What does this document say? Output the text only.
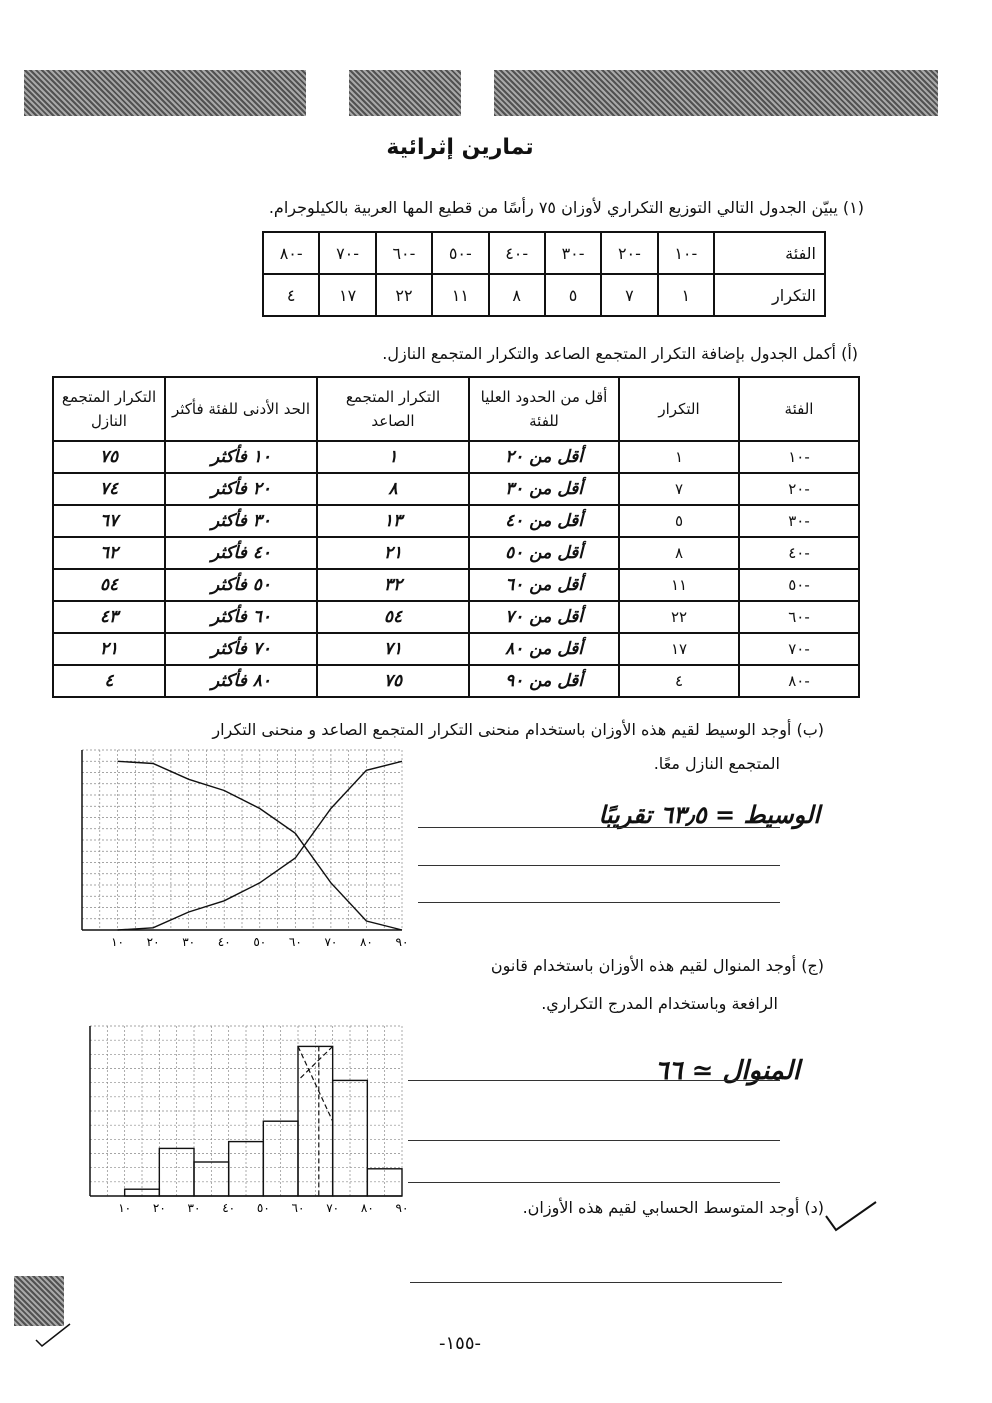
تمارين إثرائية
(١) يبيّن الجدول التالي التوزيع التكراري لأوزان ٧٥ رأسًا من قطيع المها العربية بالكيلوجرام.
الفئة	-١٠	-٢٠	-٣٠	-٤٠	-٥٠	-٦٠	-٧٠	-٨٠
التكرار	١	٧	٥	٨	١١	٢٢	١٧	٤
(أ) أكمل الجدول بإضافة التكرار المتجمع الصاعد والتكرار المتجمع النازل.
الفئة	التكرار	أقل من الحدود العليا للفئة	التكرار المتجمع الصاعد	الحد الأدنى للفئة فأكثر	التكرار المتجمع النازل
-١٠	١	أقل من ٢٠	١	١٠ فأكثر	٧٥
-٢٠	٧	أقل من ٣٠	٨	٢٠ فأكثر	٧٤
-٣٠	٥	أقل من ٤٠	١٣	٣٠ فأكثر	٦٧
-٤٠	٨	أقل من ٥٠	٢١	٤٠ فأكثر	٦٢
-٥٠	١١	أقل من ٦٠	٣٢	٥٠ فأكثر	٥٤
-٦٠	٢٢	أقل من ٧٠	٥٤	٦٠ فأكثر	٤٣
-٧٠	١٧	أقل من ٨٠	٧١	٧٠ فأكثر	٢١
-٨٠	٤	أقل من ٩٠	٧٥	٨٠ فأكثر	٤
(ب) أوجد الوسيط لقيم هذه الأوزان باستخدام منحنى التكرار المتجمع الصاعد و منحنى التكرار
المتجمع النازل معًا.
الوسيط = ٦٣٫٥ تقريبًا
١٠ ٢٠ ٣٠ ٤٠ ٥٠ ٦٠ ٧٠ ٨٠ ٩٠
(ج) أوجد المنوال لقيم هذه الأوزان باستخدام قانون
الرافعة وباستخدام المدرج التكراري.
المنوال ≃ ٦٦
١٠ ٢٠ ٣٠ ٤٠ ٥٠ ٦٠ ٧٠ ٨٠ ٩٠	(د) أوجد المتوسط الحسابي لقيم هذه الأوزان.
-١٥٥-
